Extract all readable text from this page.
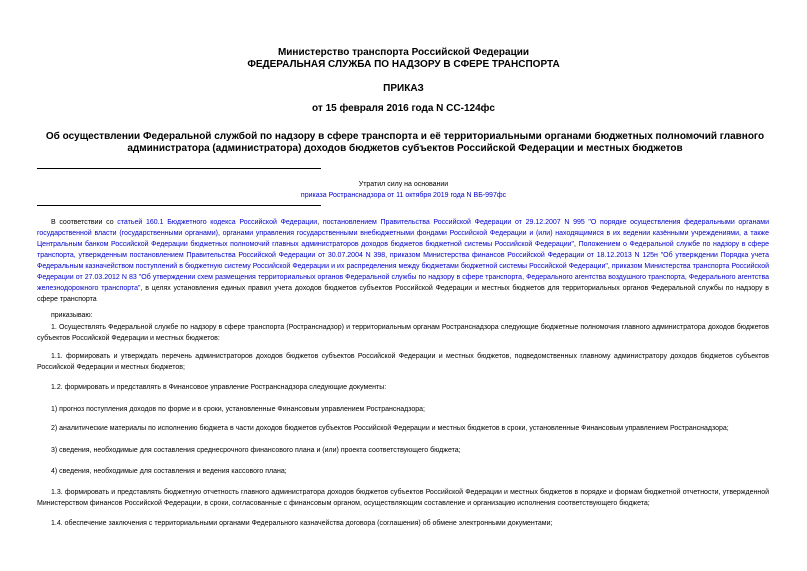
Министерство транспорта Российской Федерации
ФЕДЕРАЛЬНАЯ СЛУЖБА ПО НАДЗОРУ В СФЕРЕ ТРАНСПОРТА
ПРИКАЗ
от 15 февраля 2016 года N СС-124фс
Об осуществлении Федеральной службой по надзору в сфере транспорта и её территориальными органами бюджетных полномочий главного администратора (администратора) доходов бюджетов субъектов Российской Федерации и местных бюджетов
Утратил силу на основании
приказа Ространснадзора от 11 октября 2019 года N ВБ-997фс
В соответствии со статьей 160.1 Бюджетного кодекса Российской Федерации, постановлением Правительства Российской Федерации от 29.12.2007 N 995 "О порядке осуществления федеральными органами государственной власти (государственными органами), органами управления государственными внебюджетными фондами Российской Федерации и (или) находящимися в их ведении казёнными учреждениями, а также Центральным банком Российской Федерации бюджетных полномочий главных администраторов доходов бюджетов бюджетной системы Российской Федерации", Положением о Федеральной службе по надзору в сфере транспорта, утвержденным постановлением Правительства Российской Федерации от 30.07.2004 N 398, приказом Министерства финансов Российской Федерации от 18.12.2013 N 125н "Об утверждении Порядка учета Федеральным казначейством поступлений в бюджетную систему Российской Федерации и их распределения между бюджетами бюджетной системы Российской Федерации", приказом Министерства транспорта Российской Федерации от 27.03.2012 N 83 "Об утверждении схем размещения территориальных органов Федеральной службы по надзору в сфере транспорта, Федерального агентства воздушного транспорта, Федерального агентства железнодорожного транспорта", в целях установления единых правил учета доходов бюджетов субъектов Российской Федерации и местных бюджетов для территориальных органов Федеральной службы по надзору в сфере транспорта
приказываю:
1. Осуществлять Федеральной службе по надзору в сфере транспорта (Ространснадзор) и территориальным органам Ространснадзора следующие бюджетные полномочия главного администратора доходов бюджетов субъектов Российской Федерации и местных бюджетов:
1.1. формировать и утверждать перечень администраторов доходов бюджетов субъектов Российской Федерации и местных бюджетов, подведомственных главному администратору доходов бюджетов субъектов Российской Федерации и местных бюджетов;
1.2. формировать и представлять в Финансовое управление Ространснадзора следующие документы:
1) прогноз поступления доходов по форме и в сроки, установленные Финансовым управлением Ространснадзора;
2) аналитические материалы по исполнению бюджета в части доходов бюджетов субъектов Российской Федерации и местных бюджетов в сроки, установленные Финансовым управлением Ространснадзора;
3) сведения, необходимые для составления среднесрочного финансового плана и (или) проекта соответствующего бюджета;
4) сведения, необходимые для составления и ведения кассового плана;
1.3. формировать и представлять бюджетную отчетность главного администратора доходов бюджетов субъектов Российской Федерации и местных бюджетов в порядке и формам бюджетной отчетности, утвержденной Министерством финансов Российской Федерации, в сроки, согласованные с финансовым органом, осуществляющим составление и организацию исполнения соответствующего бюджета;
1.4. обеспечение заключения с территориальными органами Федерального казначейства договора (соглашения) об обмене электронными документами;
